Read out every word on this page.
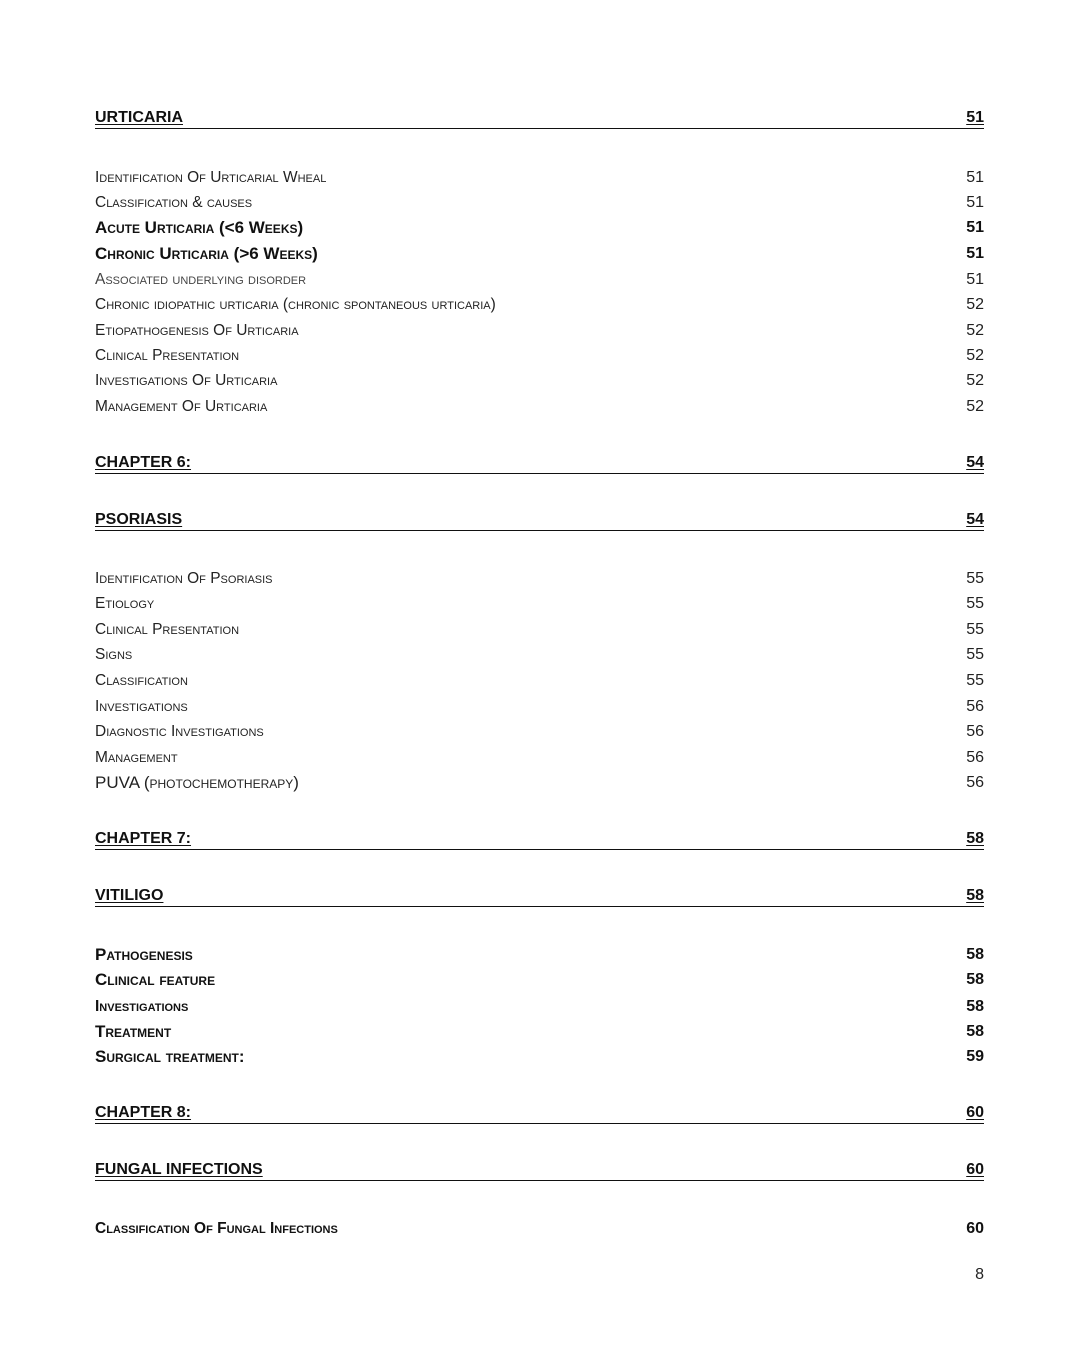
URTICARIA	51
Identification Of Urticarial Wheal	51
Classification & causes	51
Acute Urticaria (<6 Weeks)	51
Chronic Urticaria (>6 Weeks)	51
Associated underlying disorder	51
Chronic idiopathic urticaria (chronic spontaneous urticaria)	52
Etiopathogenesis Of Urticaria	52
Clinical Presentation	52
Investigations Of Urticaria	52
Management Of Urticaria	52
CHAPTER 6:	54
PSORIASIS	54
Identification Of Psoriasis	55
Etiology	55
Clinical Presentation	55
Signs	55
Classification	55
Investigations	56
Diagnostic Investigations	56
Management	56
PUVA (photochemotherapy)	56
CHAPTER 7:	58
VITILIGO	58
Pathogenesis	58
Clinical feature	58
Investigations	58
Treatment	58
Surgical treatment:	59
CHAPTER 8:	60
FUNGAL INFECTIONS	60
Classification Of Fungal Infections	60
8
